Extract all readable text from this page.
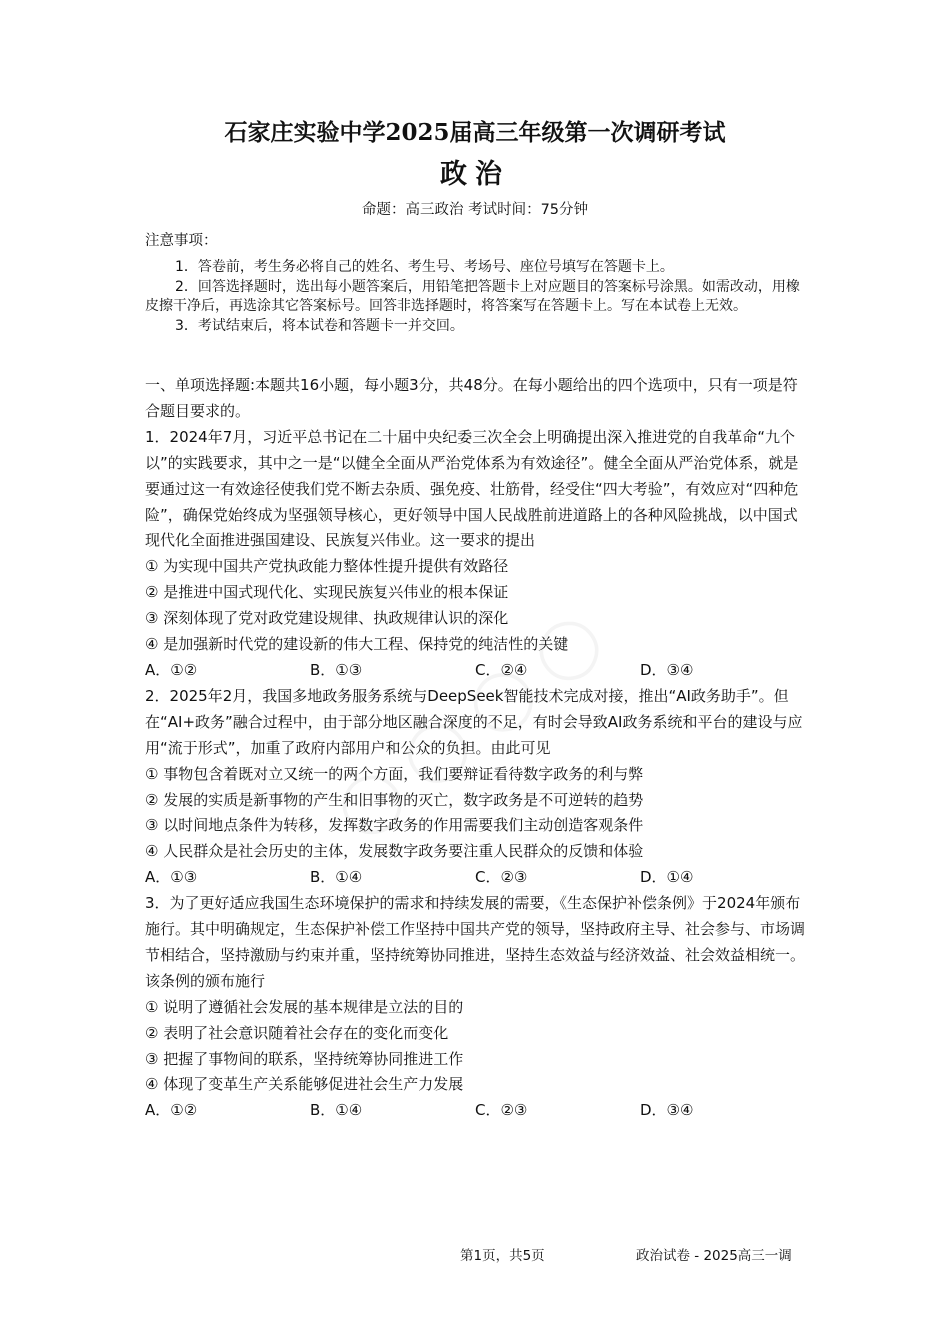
石家庄实验中学2025届高三年级第一次调研考试
政治
命题：高三政治 考试时间：75分钟
注意事项：

1．答卷前，考生务必将自己的姓名、考生号、考场号、座位号填写在答题卡上。

2．回答选择题时，选出每小题答案后，用铅笔把答题卡上对应题目的答案标号涂黑。如需改动，用橡皮擦干净后，再选涂其它答案标号。回答非选择题时，将答案写在答题卡上。写在本试卷上无效。

3．考试结束后，将本试卷和答题卡一并交回。

一、单项选择题:本题共16小题，每小题3分，共48分。在每小题给出的四个选项中，只有一项是符合题目要求的。

1．2024年7月，习近平总书记在二十届中央纪委三次全会上明确提出深入推进党的自我革命“九个以”的实践要求，其中之一是“以健全全面从严治党体系为有效途径”。健全全面从严治党体系，就是要通过这一有效途径使我们党不断去杂质、强免疫、壮筋骨，经受住“四大考验”，有效应对“四种危险”，确保党始终成为坚强领导核心，更好领导中国人民战胜前进道路上的各种风险挑战，以中国式现代化全面推进强国建设、民族复兴伟业。这一要求的提出

① 为实现中国共产党执政能力整体性提升提供有效路径

② 是推进中国式现代化、实现民族复兴伟业的根本保证

③ 深刻体现了党对政党建设规律、执政规律认识的深化

④ 是加强新时代党的建设新的伟大工程、保持党的纯洁性的关键

A．①②	B．①③	C．②④	D．③④

2．2025年2月，我国多地政务服务系统与DeepSeek智能技术完成对接，推出“AI政务助手”。但在“AI+政务”融合过程中，由于部分地区融合深度的不足，有时会导致AI政务系统和平台的建设与应用“流于形式”，加重了政府内部用户和公众的负担。由此可见

① 事物包含着既对立又统一的两个方面，我们要辩证看待数字政务的利与弊

② 发展的实质是新事物的产生和旧事物的灭亡，数字政务是不可逆转的趋势

③ 以时间地点条件为转移，发挥数字政务的作用需要我们主动创造客观条件

④ 人民群众是社会历史的主体，发展数字政务要注重人民群众的反馈和体验

A．①③	B．①④	C．②③	D．①④

3．为了更好适应我国生态环境保护的需求和持续发展的需要，《生态保护补偿条例》于2024年颁布施行。其中明确规定，生态保护补偿工作坚持中国共产党的领导，坚持政府主导、社会参与、市场调节相结合，坚持激励与约束并重，坚持统筹协同推进，坚持生态效益与经济效益、社会效益相统一。该条例的颁布施行

① 说明了遵循社会发展的基本规律是立法的目的

② 表明了社会意识随着社会存在的变化而变化

③ 把握了事物间的联系，坚持统筹协同推进工作

④ 体现了变革生产关系能够促进社会生产力发展

A．①②	B．①④	C．②③	D．③④
第1页，共5页	政治试卷 - 2025高三一调
